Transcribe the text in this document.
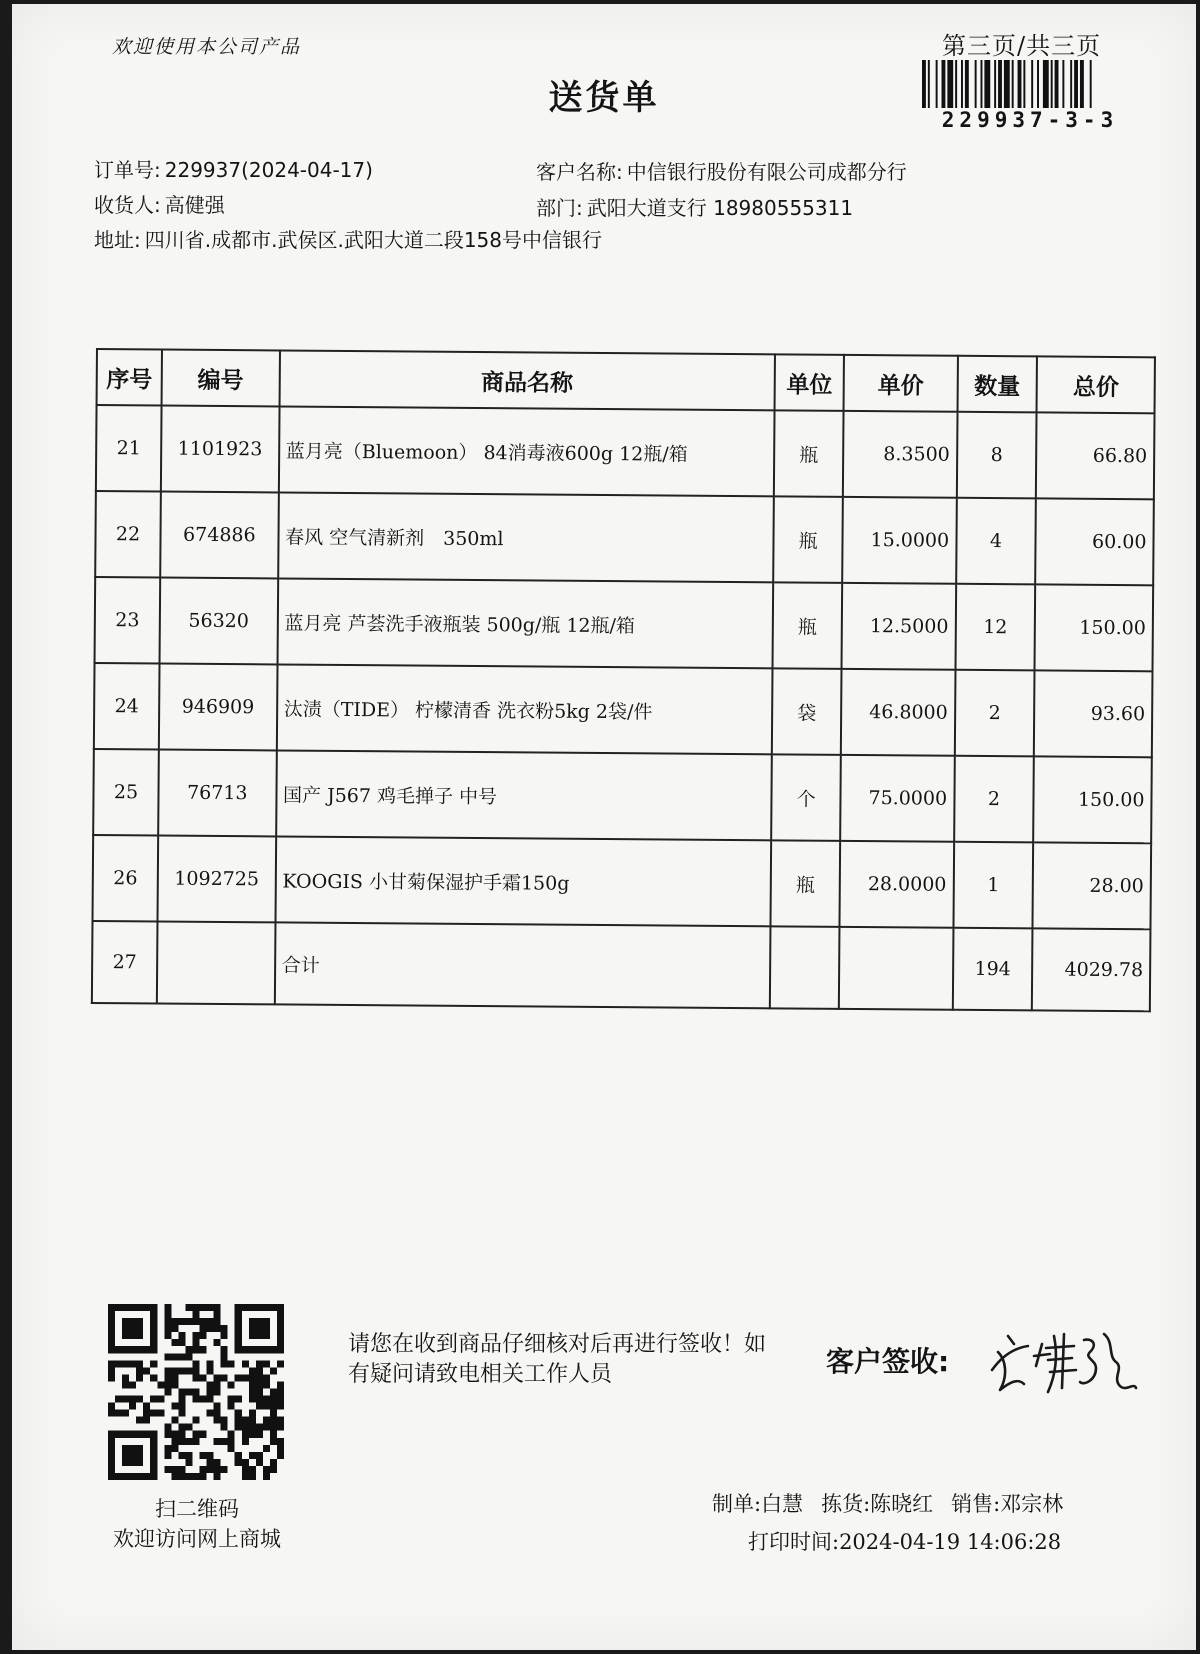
欢迎使用本公司产品
送货单
第三页/共三页
229937-3-3
订单号: 229937(2024-04-17)	客户名称: 中信银行股份有限公司成都分行
收货人: 高健强	部门: 武阳大道支行 18980555311
地址: 四川省.成都市.武侯区.武阳大道二段158号中信银行
序号	编号	商品名称	单位	单价	数量	总价
21	1101923	蓝月亮（Bluemoon） 84消毒液600g 12瓶/箱	瓶	8.3500	8	66.80
22	674886	春风 空气清新剂　350ml	瓶	15.0000	4	60.00
23	56320	蓝月亮 芦荟洗手液瓶装 500g/瓶 12瓶/箱	瓶	12.5000	12	150.00
24	946909	汰渍（TIDE） 柠檬清香 洗衣粉5kg 2袋/件	袋	46.8000	2	93.60
25	76713	国产 J567 鸡毛掸子 中号	个	75.0000	2	150.00
26	1092725	KOOGIS 小甘菊保湿护手霜150g	瓶	28.0000	1	28.00
27		合计			194	4029.78
扫二维码
欢迎访问网上商城
请您在收到商品仔细核对后再进行签收！如有疑问请致电相关工作人员	客户签收:
制单:白慧 拣货:陈晓红 销售:邓宗林
打印时间:2024-04-19 14:06:28
